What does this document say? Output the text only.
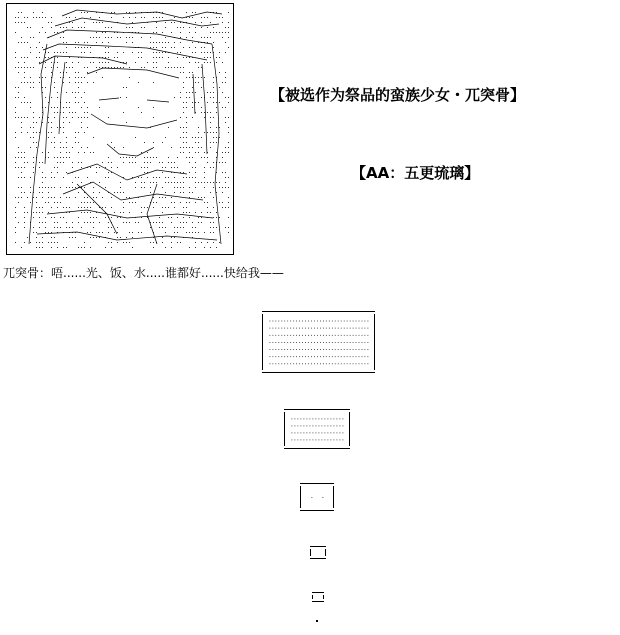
【被选作为祭品的蛮族少女・兀突骨】
【AA：五更琉璃】
兀突骨：唔......光、饭、水.....谁都好......快给我——
